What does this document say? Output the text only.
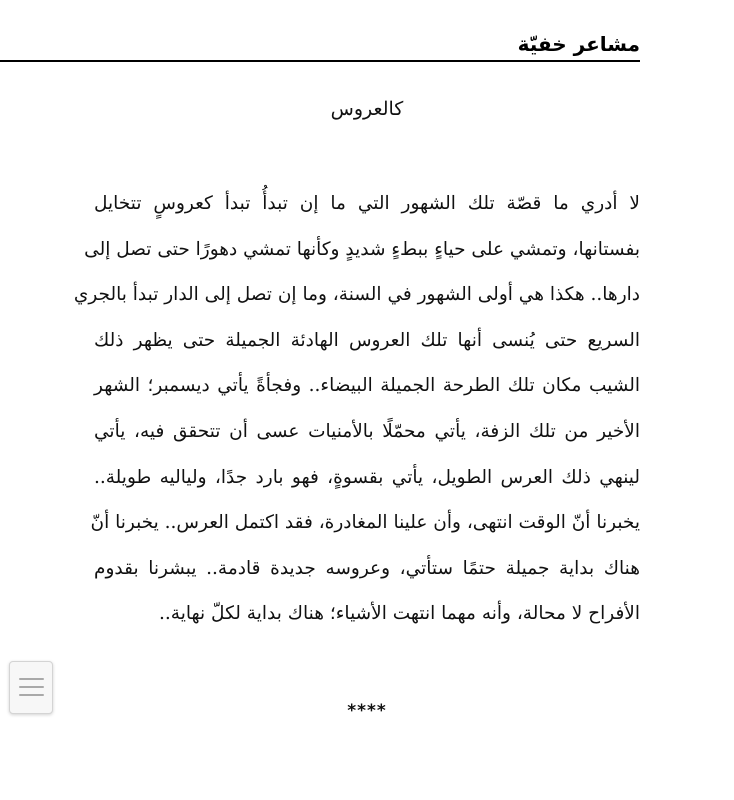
مشاعر خفيّة
كالعروس
لا أدري ما قصّة تلك الشهور التي ما إن تبدأُ تبدأ كعروسٍ تتخايل
بفستانها، وتمشي على حياءٍ ببطءٍ شديدٍ وكأنها تمشي دهورًا حتى تصل إلى
دارها.. هكذا هي أولى الشهور في السنة، وما إن تصل إلى الدار تبدأ بالجري
السريع حتى يُنسى أنها تلك العروس الهادئة الجميلة حتى يظهر ذلك
الشيب مكان تلك الطرحة الجميلة البيضاء.. وفجأةً يأتي ديسمبر؛ الشهر
الأخير من تلك الزفة، يأتي محمّلًا بالأمنيات عسى أن تتحقق فيه، يأتي
لينهي ذلك العرس الطويل، يأتي بقسوةٍ، فهو بارد جدًا، ولياليه طويلة..
يخبرنا أنّ الوقت انتهى، وأن علينا المغادرة، فقد اكتمل العرس.. يخبرنا أنّ
هناك بداية جميلة حتمًا ستأتي، وعروسه جديدة قادمة.. يبشرنا بقدوم
الأفراح لا محالة، وأنه مهما انتهت الأشياء؛ هناك بداية لكلّ نهاية..
****
